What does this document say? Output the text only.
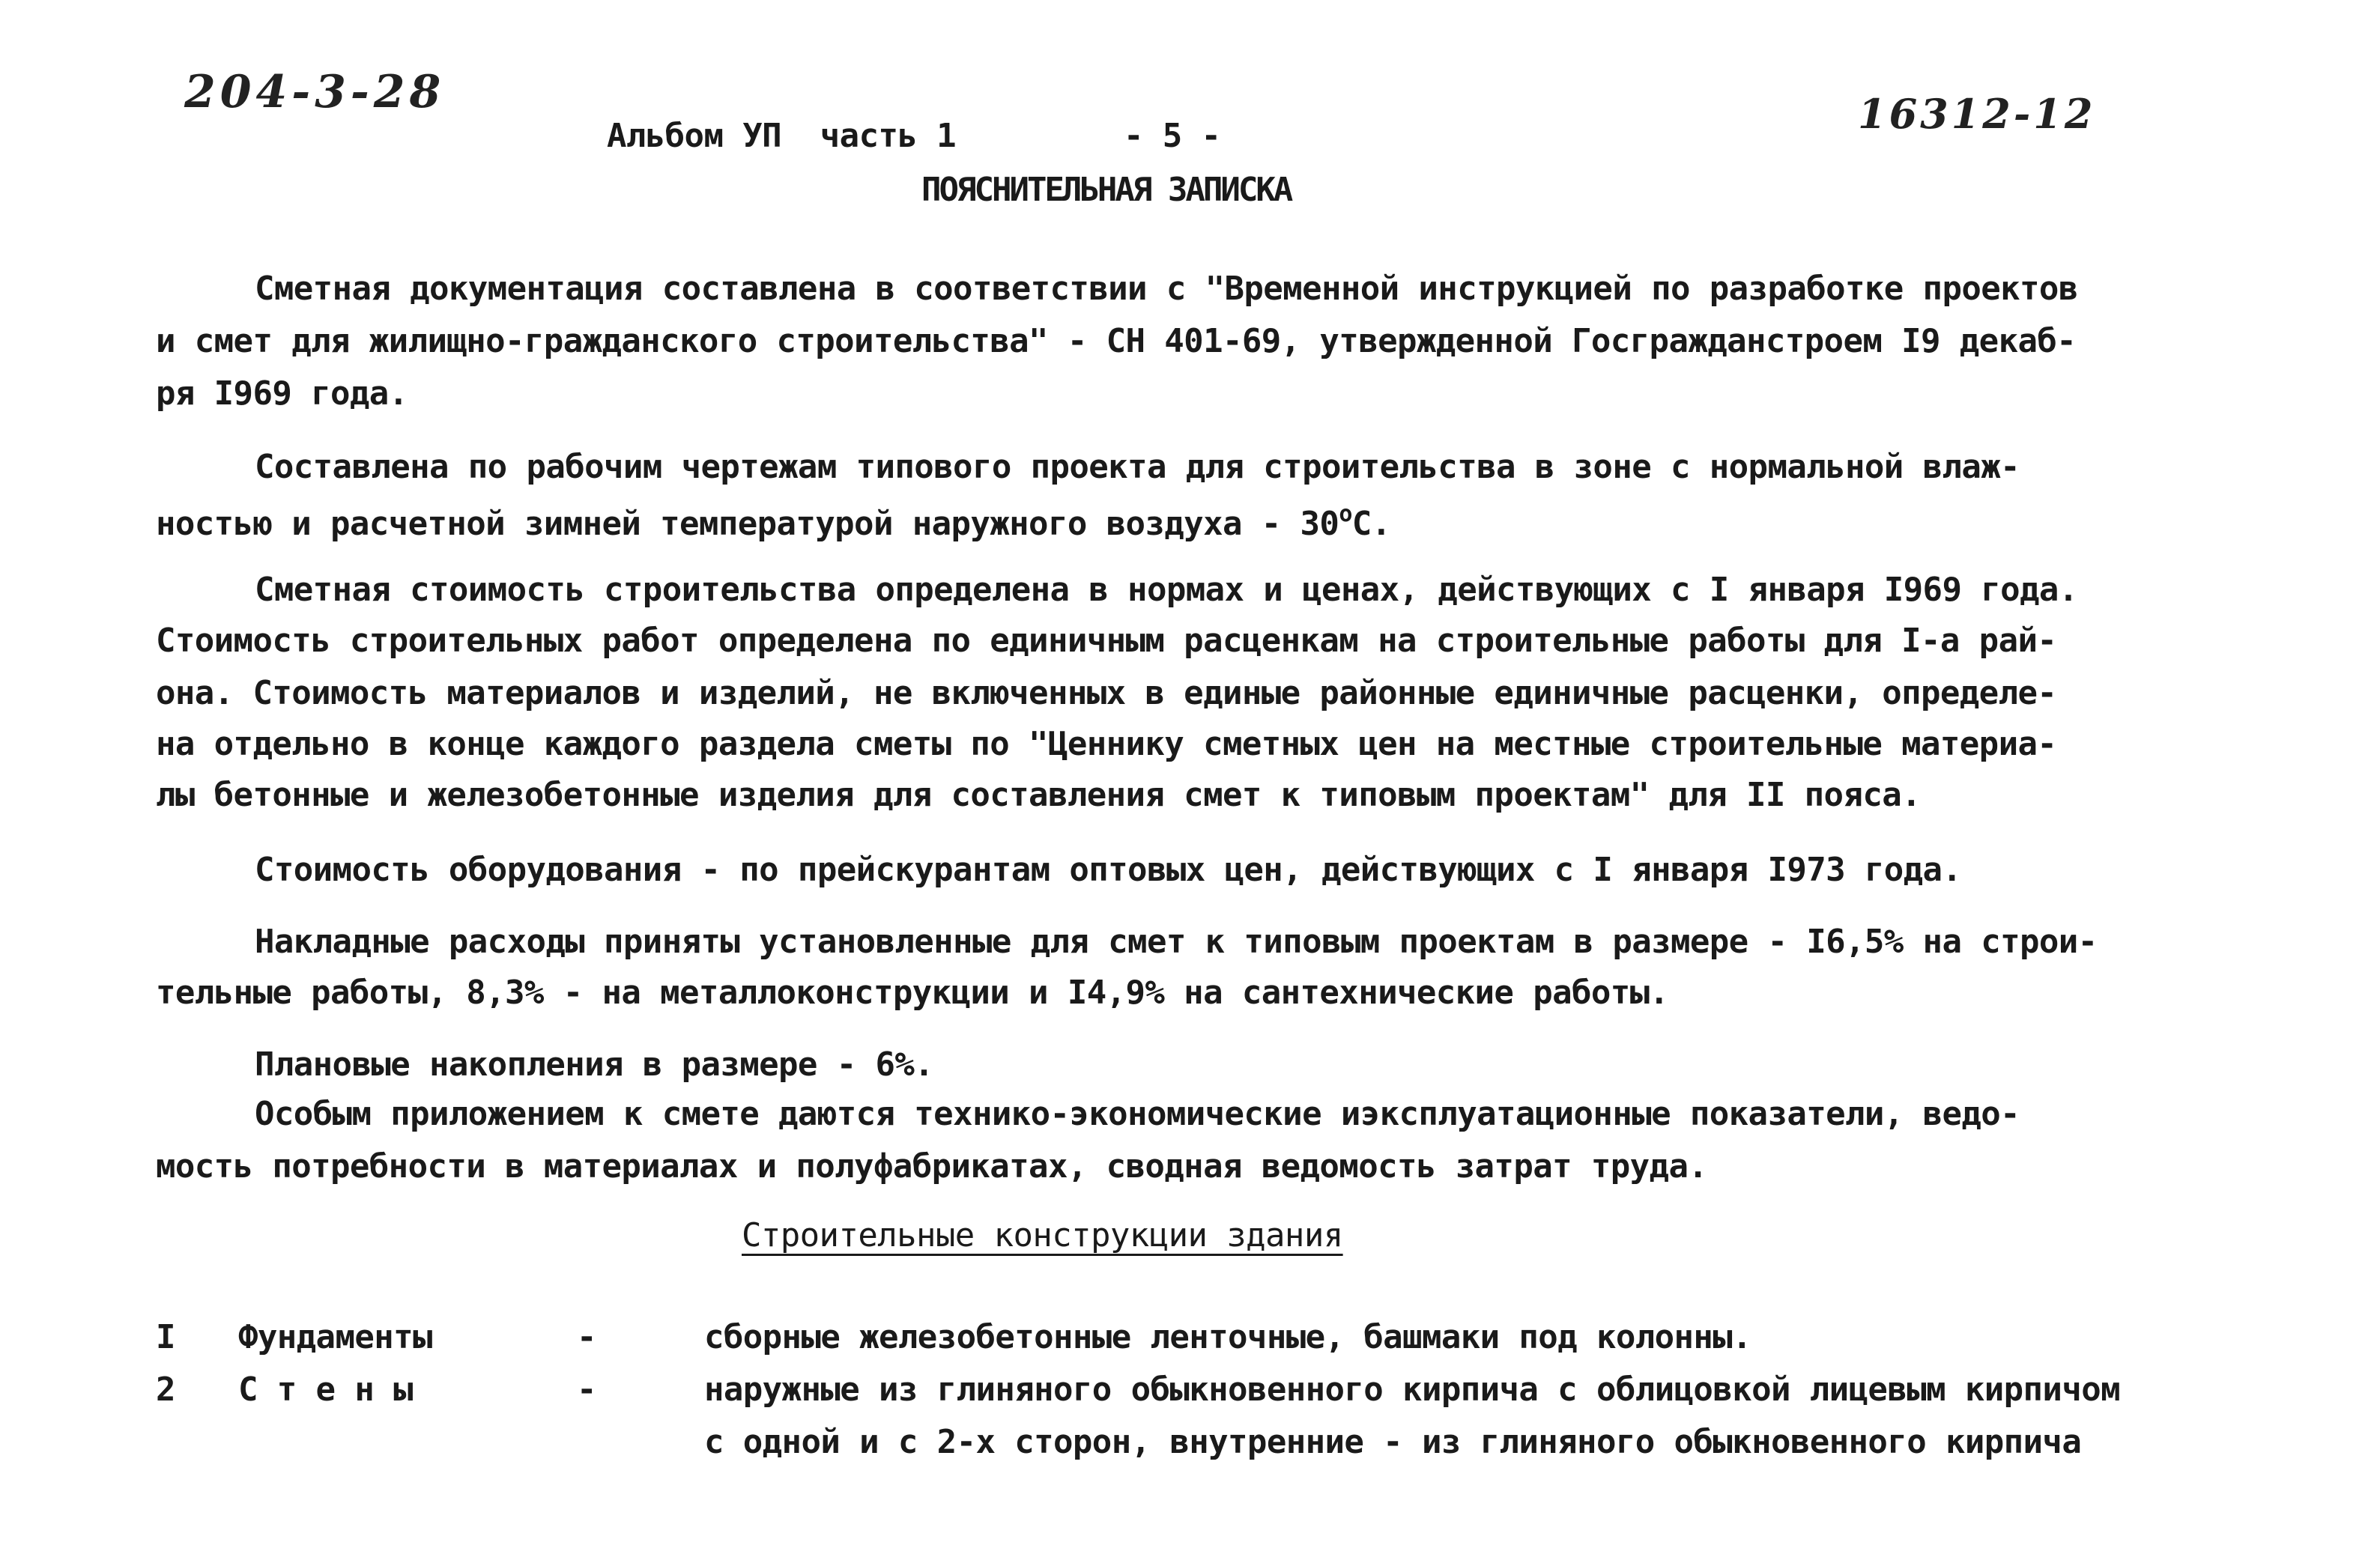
204-3-28	16312-12
Альбом УП  часть 1	- 5 -
ПОЯСНИТЕЛЬНАЯ ЗАПИСКА
Сметная документация составлена в соответствии с "Временной инструкцией по разработке проектов
и смет для жилищно-гражданского строительства" - СН 401-69, утвержденной Госгражданстроем I9 декаб-
ря I969 года.
Составлена по рабочим чертежам типового проекта для строительства в зоне с нормальной влаж-
ностью и расчетной зимней температурой наружного воздуха - $30^оС$.
Сметная стоимость строительства определена в нормах и ценах, действующих с I января I969 года.
Стоимость строительных работ определена по единичным расценкам на строительные работы для I-а рай-
она. Стоимость материалов и изделий, не включенных в единые районные единичные расценки, определе-
на отдельно в конце каждого раздела сметы по "Ценнику сметных цен на местные строительные материа-
лы бетонные и железобетонные изделия для составления смет к типовым проектам" для II пояса.
Стоимость оборудования - по прейскурантам оптовых цен, действующих с I января I973 года.
Накладные расходы приняты установленные для смет к типовым проектам в размере - I6,5% на строи-
тельные работы, 8,3% - на металлоконструкции и I4,9% на сантехнические работы.
Плановые накопления в размере - 6%.
Особым приложением к смете даются технико-экономические иэксплуатационные показатели, ведо-
мость потребности в материалах и полуфабрикатах, сводная ведомость затрат труда.
Строительные конструкции здания
I Фундаменты	-	сборные железобетонные ленточные, башмаки под колонны.
2 С т е н ы	-	наружные из глиняного обыкновенного кирпича с облицовкой лицевым кирпичом
с одной и с 2-х сторон, внутренние - из глиняного обыкновенного кирпича
